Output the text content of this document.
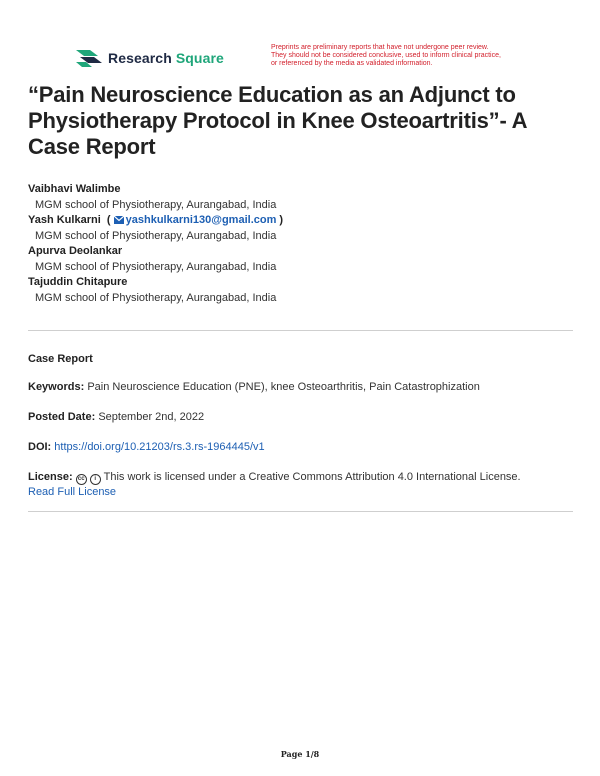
Research Square
Preprints are preliminary reports that have not undergone peer review.
They should not be considered conclusive, used to inform clinical practice,
or referenced by the media as validated information.
“Pain Neuroscience Education as an Adjunct to Physiotherapy Protocol in Knee Osteoartritis”- A Case Report
Vaibhavi Walimbe
MGM school of Physiotherapy, Aurangabad, India
Yash Kulkarni  ( yashkulkarni130@gmail.com )
MGM school of Physiotherapy, Aurangabad, India
Apurva Deolankar
MGM school of Physiotherapy, Aurangabad, India
Tajuddin Chitapure
MGM school of Physiotherapy, Aurangabad, India
Case Report
Keywords: Pain Neuroscience Education (PNE), knee Osteoarthritis, Pain Catastrophization
Posted Date: September 2nd, 2022
DOI: https://doi.org/10.21203/rs.3.rs-1964445/v1
License: cc i This work is licensed under a Creative Commons Attribution 4.0 International License.
Read Full License
Page 1/8
